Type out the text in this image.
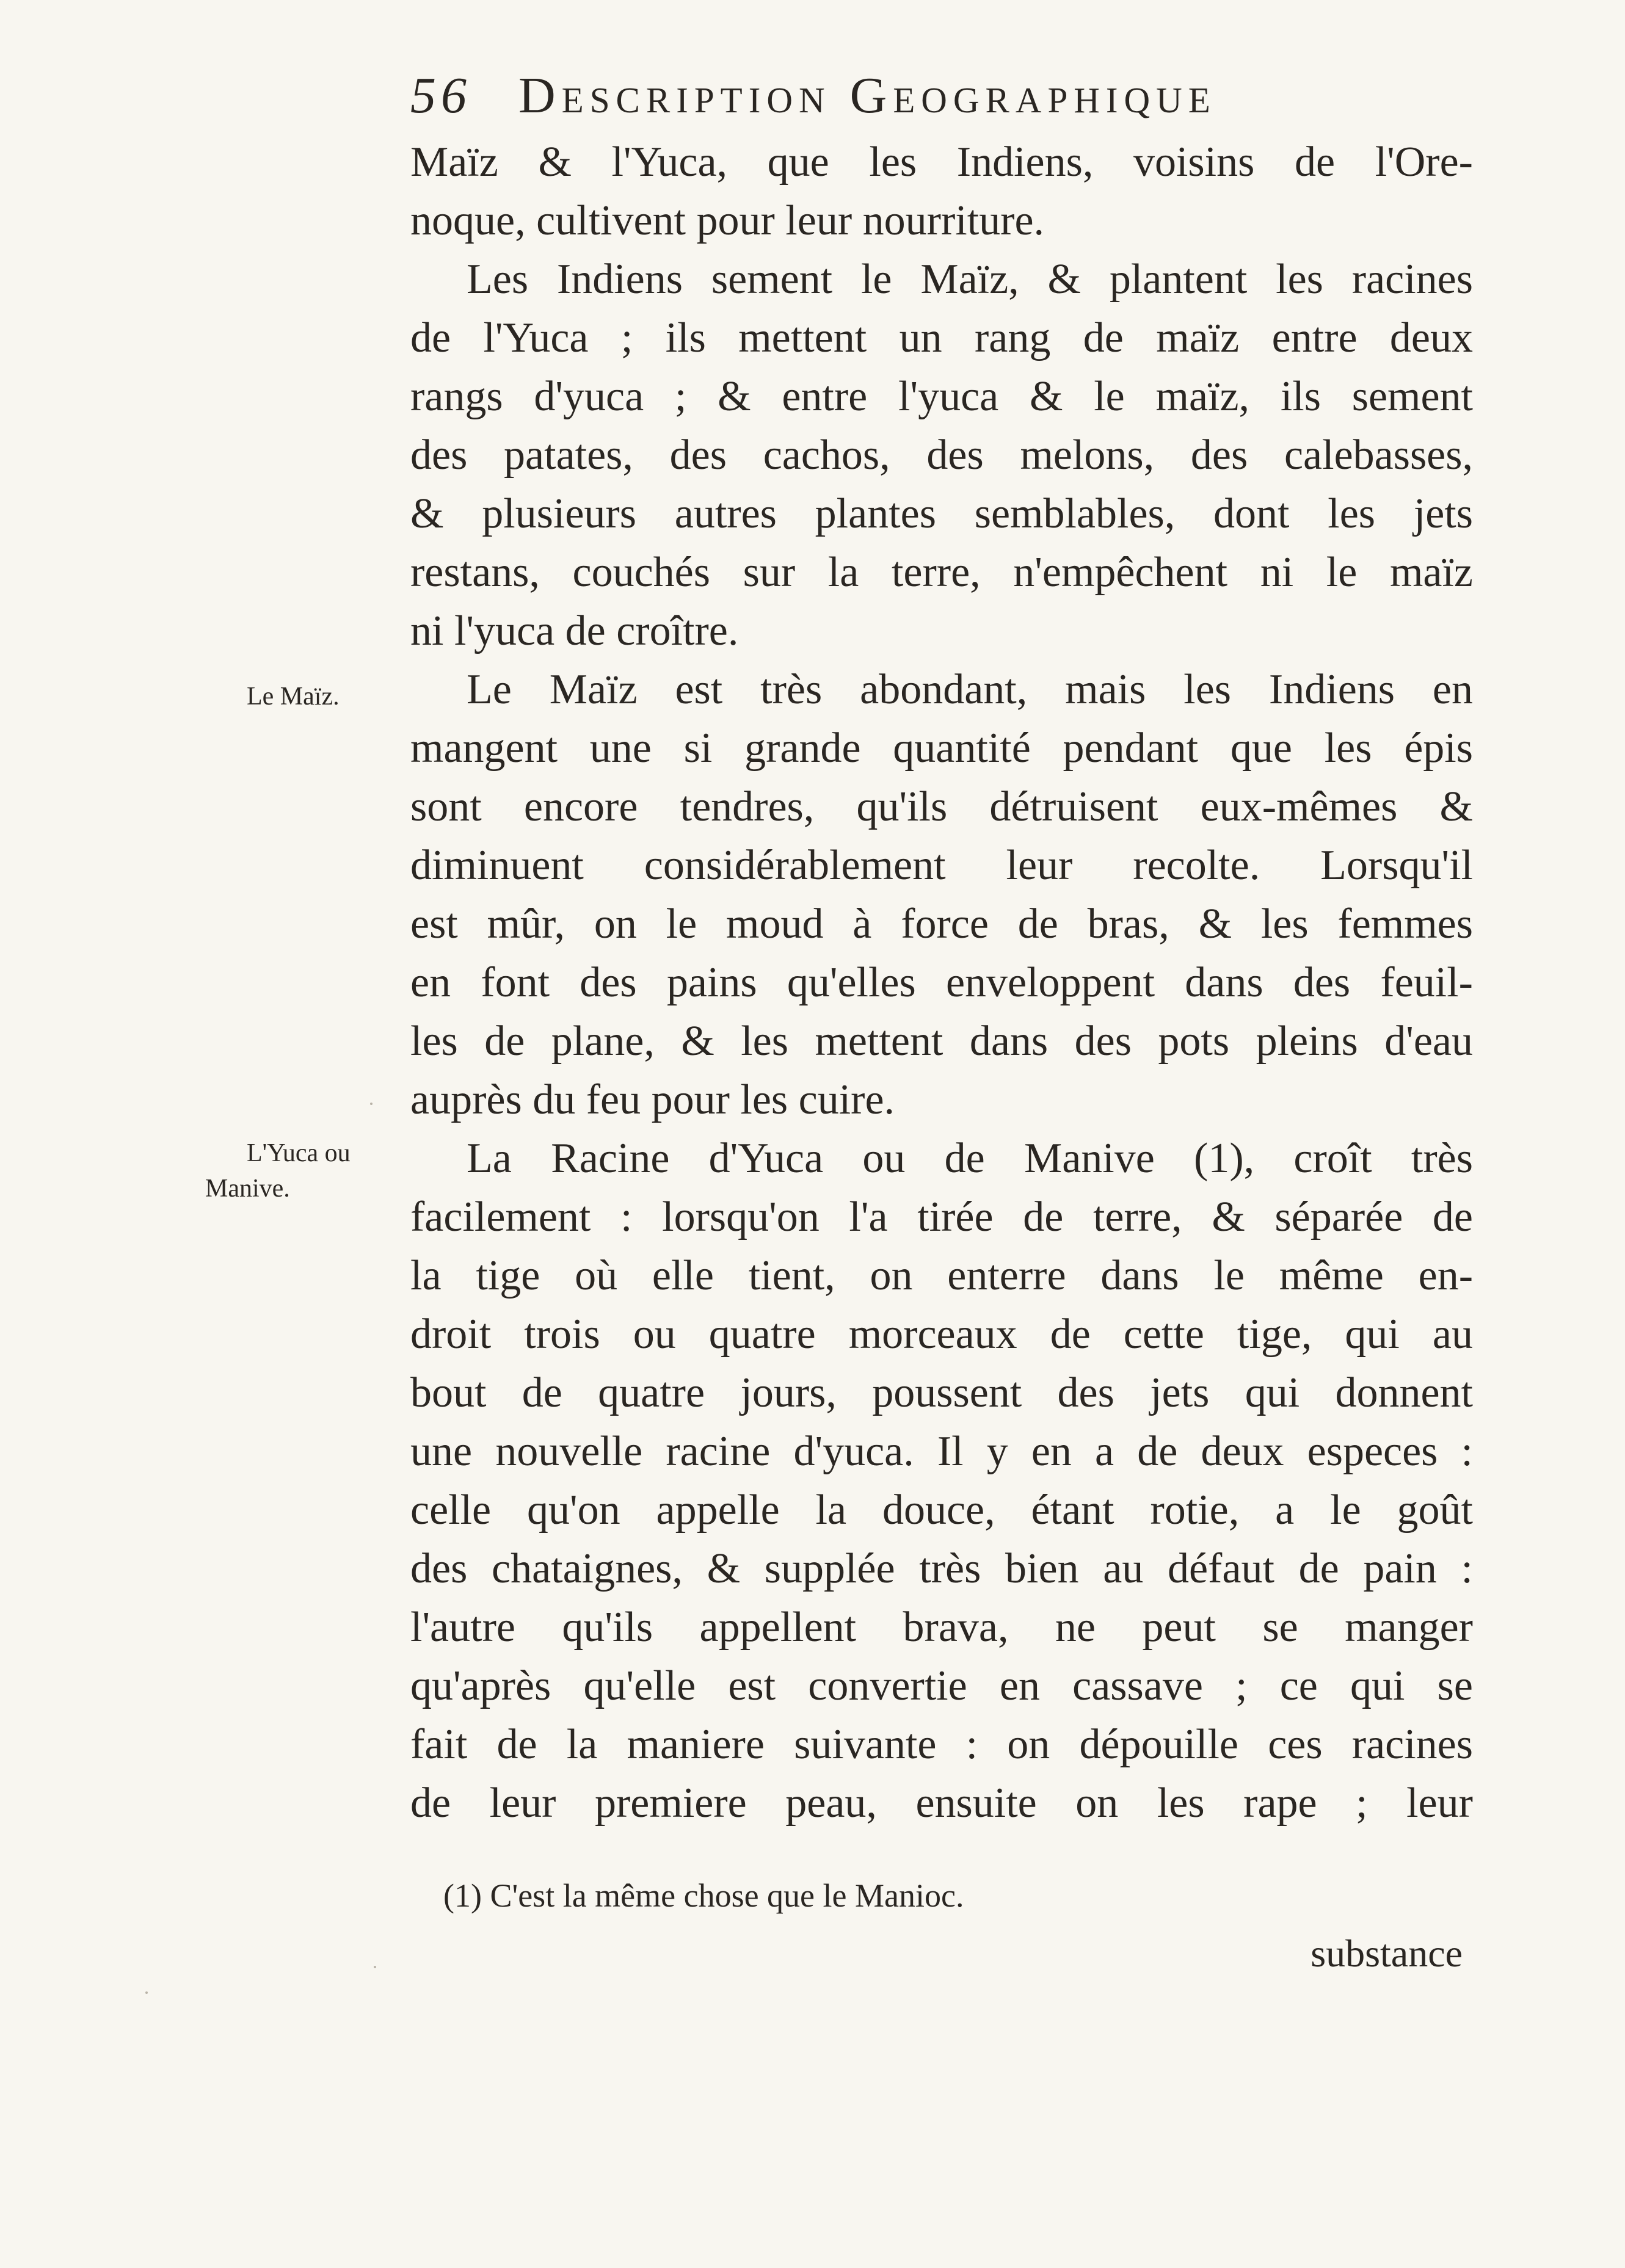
56 Description Geographique
Le Maïz.
L'Yuca ou
Manive.
Maïz & l'Yuca, que les Indiens, voisins de l'Ore-
noque, cultivent pour leur nourriture.
Les Indiens sement le Maïz, & plantent les racines
de l'Yuca ; ils mettent un rang de maïz entre deux
rangs d'yuca ; & entre l'yuca & le maïz, ils sement
des patates, des cachos, des melons, des calebasses,
& plusieurs autres plantes semblables, dont les jets
restans, couchés sur la terre, n'empêchent ni le maïz
ni l'yuca de croître.
Le Maïz est très abondant, mais les Indiens en
mangent une si grande quantité pendant que les épis
sont encore tendres, qu'ils détruisent eux-mêmes &
diminuent considérablement leur recolte. Lorsqu'il
est mûr, on le moud à force de bras, & les femmes
en font des pains qu'elles enveloppent dans des feuil-
les de plane, & les mettent dans des pots pleins d'eau
auprès du feu pour les cuire.
La Racine d'Yuca ou de Manive (1), croît très
facilement : lorsqu'on l'a tirée de terre, & séparée de
la tige où elle tient, on enterre dans le même en-
droit trois ou quatre morceaux de cette tige, qui au
bout de quatre jours, poussent des jets qui donnent
une nouvelle racine d'yuca. Il y en a de deux especes :
celle qu'on appelle la douce, étant rotie, a le goût
des chataignes, & supplée très bien au défaut de pain :
l'autre qu'ils appellent brava, ne peut se manger
qu'après qu'elle est convertie en cassave ; ce qui se
fait de la maniere suivante : on dépouille ces racines
de leur premiere peau, ensuite on les rape ; leur
(1) C'est la même chose que le Manioc.
substance
